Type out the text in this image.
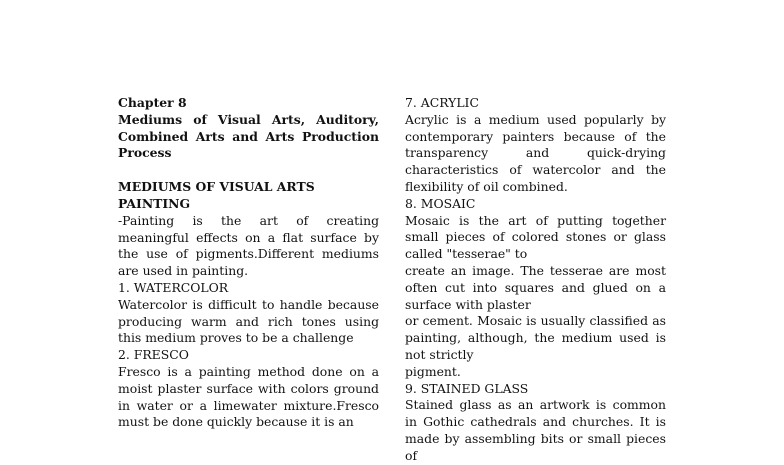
Chapter 8

Mediums of Visual Arts, Auditory, Combined Arts and Arts Production Process

MEDIUMS OF VISUAL ARTS

PAINTING

-Painting is the art of creating meaningful effects on a flat surface by the use of pigments.Different mediums are used in painting.

1. WATERCOLOR

Watercolor is difficult to handle because producing warm and rich tones using this medium proves to be a challenge

2. FRESCO

Fresco is a painting method done on a moist plaster surface with colors ground in water or a limewater mixture.Fresco must be done quickly because it is an

7. ACRYLIC

Acrylic is a medium used popularly by contemporary painters because of the transparency and quick-drying characteristics of watercolor and the flexibility of oil combined.

8. MOSAIC

Mosaic is the art of putting together small pieces of colored stones or glass called "tesserae" to

create an image. The tesserae are most often cut into squares and glued on a surface with plaster

or cement. Mosaic is usually classified as painting, although, the medium used is not strictly

pigment.

9. STAINED GLASS

Stained glass as an artwork is common in Gothic cathedrals and churches. It is made by assembling bits or small pieces of
